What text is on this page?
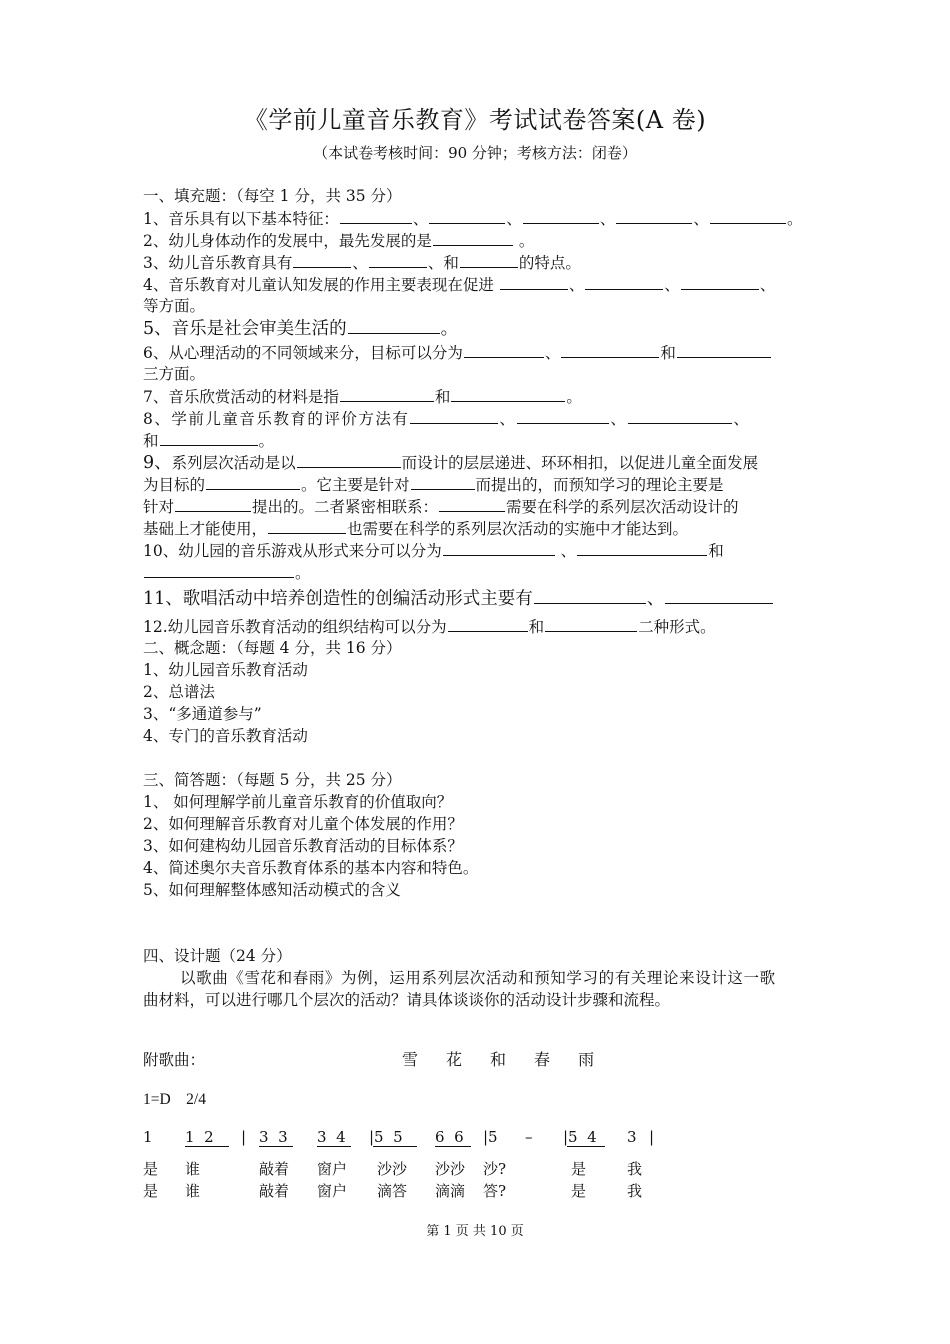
《学前儿童音乐教育》考试试卷答案(A 卷)
（本试卷考核时间：90 分钟；考核方法：闭卷）
一、填充题：（每空 1 分，共 35 分）
1、音乐具有以下基本特征：	、	、	、	、	。
2、幼儿身体动作的发展中，最先发展的是	。
3、幼儿音乐教育具有	、	、和	的特点。
4、音乐教育对儿童认知发展的作用主要表现在促进	、	、	、
等方面。
5、音乐是社会审美生活的	。
6、从心理活动的不同领域来分，目标可以分为	、	和
三方面。
7、音乐欣赏活动的材料是指	和	。
8、学前儿童音乐教育的评价方法有	、	、	、
和	。
9、系列层次活动是以	而设计的层层递进、环环相扣，以促进儿童全面发展
为目标的	。它主要是针对	而提出的，而预知学习的理论主要是
针对	提出的。二者紧密相联系：	需要在科学的系列层次活动设计的
基础上才能使用，	也需要在科学的系列层次活动的实施中才能达到。
10、幼儿园的音乐游戏从形式来分可以分为	、	和
。
11、歌唱活动中培养创造性的创编活动形式主要有	、
12.幼儿园音乐教育活动的组织结构可以分为	和	二种形式。
二、概念题：（每题 4 分，共 16 分）
1、幼儿园音乐教育活动
2、总谱法
3、“多通道参与”
4、专门的音乐教育活动
三、简答题：（每题 5 分，共 25 分）
1、 如何理解学前儿童音乐教育的价值取向？
2、如何理解音乐教育对儿童个体发展的作用？
3、如何建构幼儿园音乐教育活动的目标体系？
4、简述奥尔夫音乐教育体系的基本内容和特色。
5、如何理解整体感知活动模式的含义
四、设计题（24 分）
以歌曲《雪花和春雨》为例，运用系列层次活动和预知学习的有关理论来设计这一歌
曲材料，可以进行哪几个层次的活动？请具体谈谈你的活动设计步骤和流程。
附歌曲：	雪 花 和 春 雨
1=D    2/4
1 1  2 | 3  3 3  4 |5  5 6  6 |5 – |5  4 3 |
是 谁	敲着 窗户 沙沙 沙沙 沙?	是	我
是 谁	敲着 窗户 滴答 滴滴 答?	是	我
第 1 页 共 10 页
